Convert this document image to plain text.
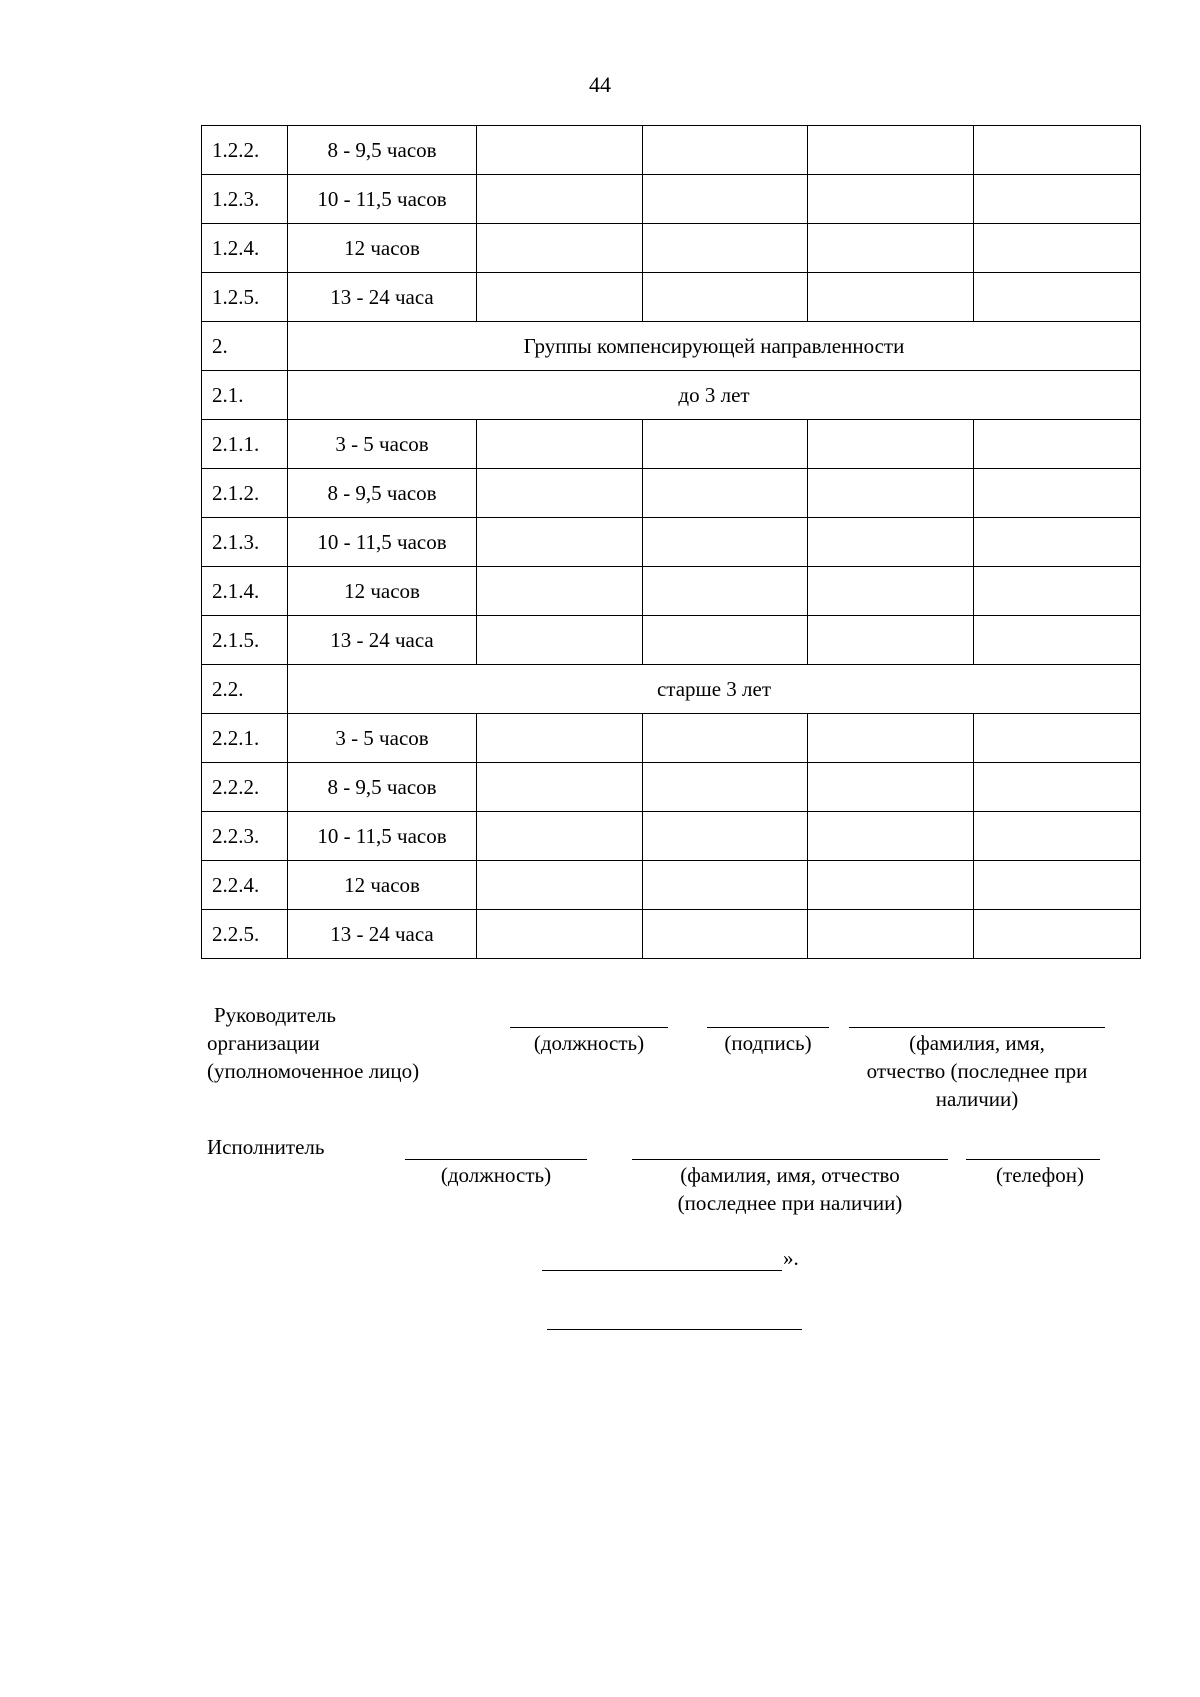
44
1.2.2.	8 - 9,5 часов				
1.2.3.	10 - 11,5 часов				
1.2.4.	12 часов				
1.2.5.	13 - 24 часа				
2.	Группы компенсирующей направленности				
2.1.	до 3 лет				
2.1.1.	3 - 5 часов				
2.1.2.	8 - 9,5 часов				
2.1.3.	10 - 11,5 часов				
2.1.4.	12 часов				
2.1.5.	13 - 24 часа				
2.2.	старше 3 лет				
2.2.1.	3 - 5 часов				
2.2.2.	8 - 9,5 часов				
2.2.3.	10 - 11,5 часов				
2.2.4.	12 часов				
2.2.5.	13 - 24 часа				
Руководитель
организации
(уполномоченное лицо)
(должность)	(подпись)	(фамилия, имя,
отчество (последнее при
наличии)
Исполнитель
(должность)	(фамилия, имя, отчество
(последнее при наличии)
(телефон)
».
